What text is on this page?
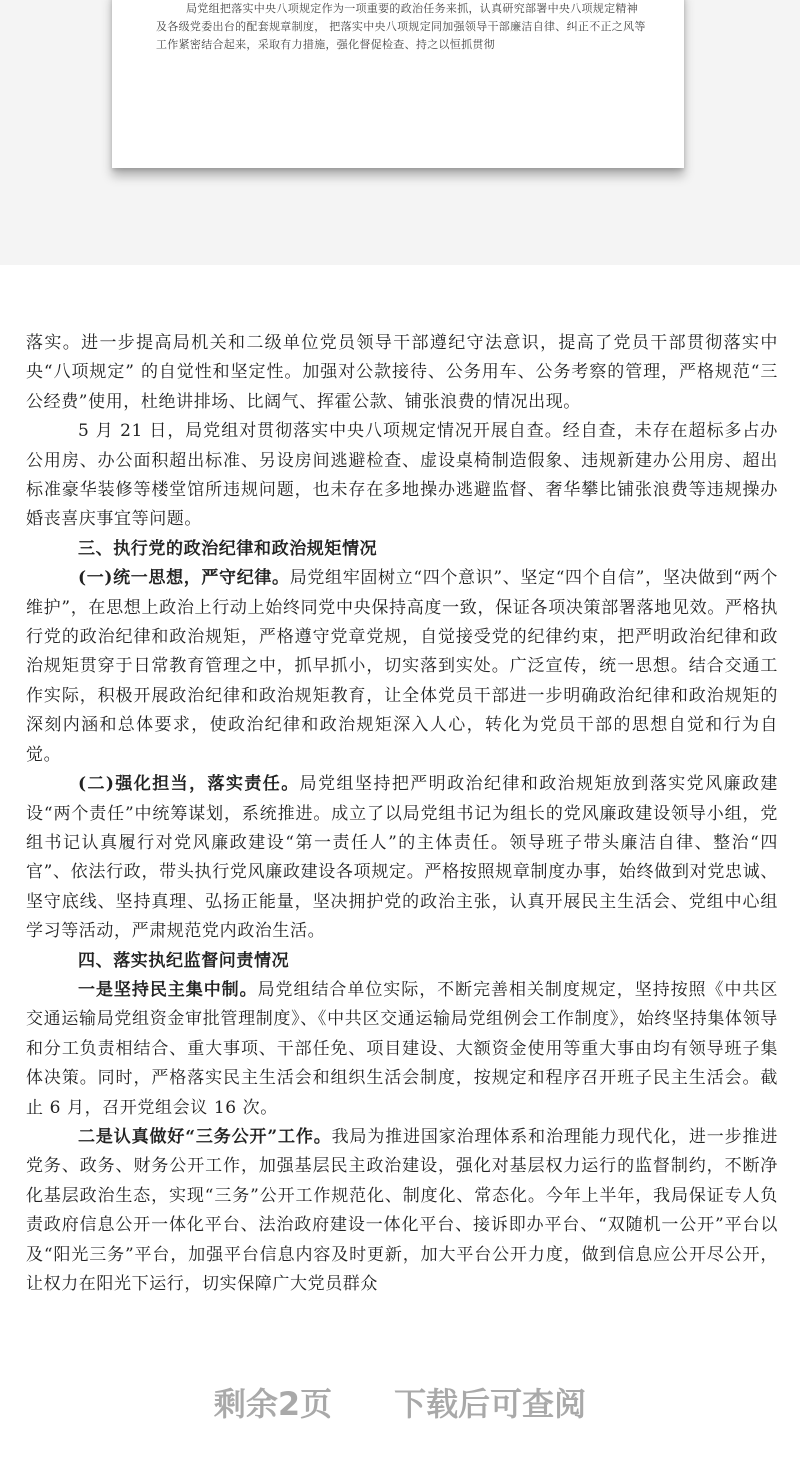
局党组把落实中央八项规定作为一项重要的政治任务来抓，认真研究部署中央八项规定精神及各级党委出台的配套规章制度， 把落实中央八项规定同加强领导干部廉洁自律、纠正不正之风等工作紧密结合起来，采取有力措施，强化督促检查、持之以恒抓贯彻

落实。进一步提高局机关和二级单位党员领导干部遵纪守法意识，提高了党员干部贯彻落实中央“八项规定” 的自觉性和坚定性。加强对公款接待、公务用车、公务考察的管理，严格规范“三公经费”使用，杜绝讲排场、比阔气、挥霍公款、铺张浪费的情况出现。

5 月 21 日，局党组对贯彻落实中央八项规定情况开展自查。经自查，未存在超标多占办公用房、办公面积超出标准、另设房间逃避检查、虚设桌椅制造假象、违规新建办公用房、超出标准豪华装修等楼堂馆所违规问题，也未存在多地操办逃避监督、奢华攀比铺张浪费等违规操办婚丧喜庆事宜等问题。

三、执行党的政治纪律和政治规矩情况

(一)统一思想，严守纪律。局党组牢固树立“四个意识”、坚定“四个自信”，坚决做到“两个维护”，在思想上政治上行动上始终同党中央保持高度一致，保证各项决策部署落地见效。严格执行党的政治纪律和政治规矩，严格遵守党章党规，自觉接受党的纪律约束，把严明政治纪律和政治规矩贯穿于日常教育管理之中，抓早抓小，切实落到实处。广泛宣传，统一思想。结合交通工作实际，积极开展政治纪律和政治规矩教育，让全体党员干部进一步明确政治纪律和政治规矩的深刻内涵和总体要求，使政治纪律和政治规矩深入人心，转化为党员干部的思想自觉和行为自觉。

(二)强化担当，落实责任。局党组坚持把严明政治纪律和政治规矩放到落实党风廉政建设“两个责任”中统筹谋划，系统推进。成立了以局党组书记为组长的党风廉政建设领导小组，党组书记认真履行对党风廉政建设“第一责任人”的主体责任。领导班子带头廉洁自律、整治“四官”、依法行政，带头执行党风廉政建设各项规定。严格按照规章制度办事，始终做到对党忠诚、坚守底线、坚持真理、弘扬正能量，坚决拥护党的政治主张，认真开展民主生活会、党组中心组学习等活动，严肃规范党内政治生活。

四、落实执纪监督问责情况

一是坚持民主集中制。局党组结合单位实际，不断完善相关制度规定，坚持按照《中共区交通运输局党组资金审批管理制度》、《中共区交通运输局党组例会工作制度》，始终坚持集体领导和分工负责相结合、重大事项、干部任免、项目建设、大额资金使用等重大事由均有领导班子集体决策。同时，严格落实民主生活会和组织生活会制度，按规定和程序召开班子民主生活会。截止 6 月，召开党组会议 16 次。

二是认真做好“三务公开”工作。我局为推进国家治理体系和治理能力现代化，进一步推进党务、政务、财务公开工作，加强基层民主政治建设，强化对基层权力运行的监督制约，不断净化基层政治生态，实现“三务”公开工作规范化、制度化、常态化。今年上半年，我局保证专人负责政府信息公开一体化平台、法治政府建设一体化平台、接诉即办平台、“双随机一公开”平台以及“阳光三务”平台，加强平台信息内容及时更新，加大平台公开力度，做到信息应公开尽公开，让权力在阳光下运行，切实保障广大党员群众

剩余2页 下载后可查阅
